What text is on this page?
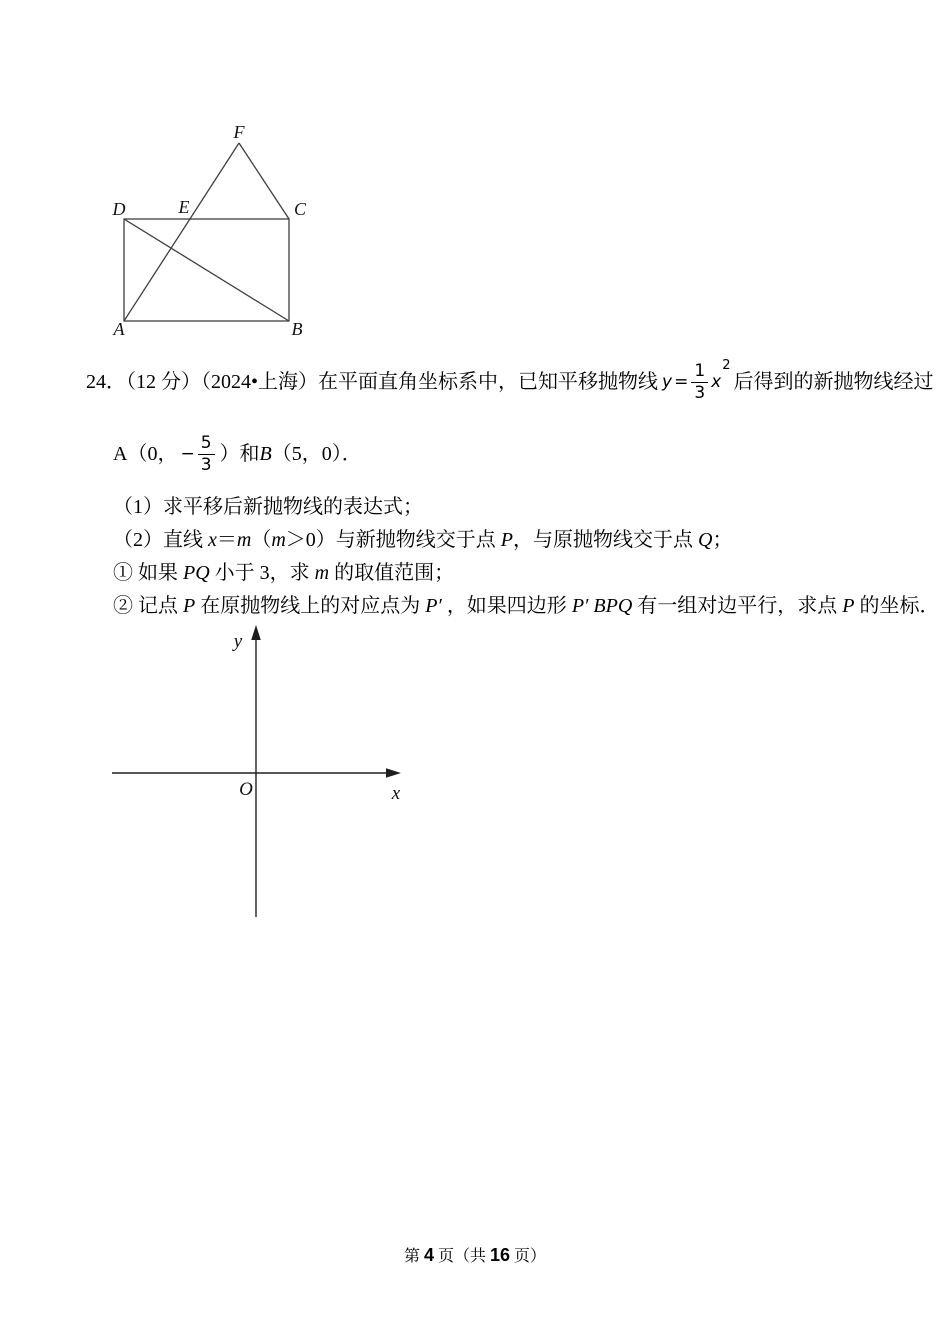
F
D	E	C
A	B
24．（12 分）（2024•上海）在平面直角坐标系中，已知平移抛物线 $y = \frac{1}{3}$ x
2
后得到的新抛物线经过
A （0， − $\frac{5}{3}$ ） 和 B （5，0）．
（1）求平移后新抛物线的表达式；
（2）直线 x＝m（m＞0）与新抛物线交于点 P，与原抛物线交于点 Q；
① 如果 PQ 小于 3，求 m 的取值范围；
② 记点 P 在原抛物线上的对应点为 P′ ，如果四边形 P′ BPQ 有一组对边平行，求点 P 的坐标．
y
x
O
第 4 页（共 16 页）
